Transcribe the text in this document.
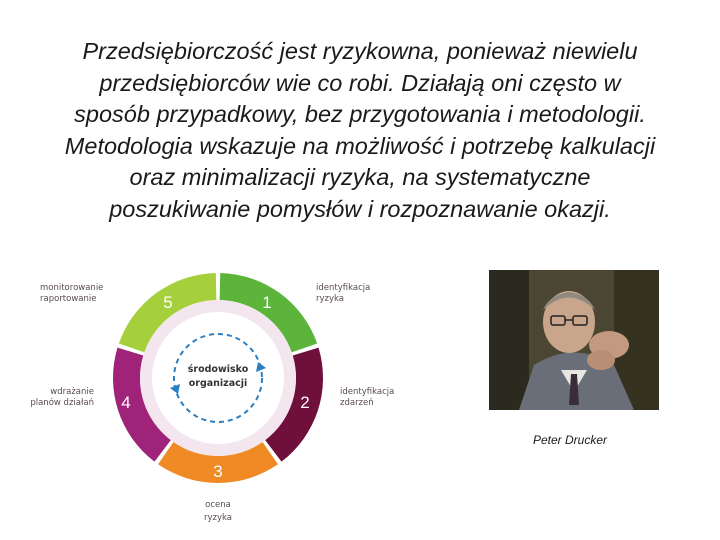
Przedsiębiorczość jest ryzykowna, ponieważ niewielu
przedsiębiorców wie co robi. Działają oni często w
sposób przypadkowy, bez przygotowania i metodologii.
Metodologia wskazuje na możliwość i potrzebę kalkulacji
oraz minimalizacji ryzyka, na systematyczne
poszukiwanie pomysłów i rozpoznawanie okazji.
środowisko
organizacji
1
2
3
4
5
identyfikacja
ryzyka
identyfikacja
zdarzeń
ocena
ryzyka
wdrażanie
planów działań
monitorowanie
raportowanie
Peter Drucker
